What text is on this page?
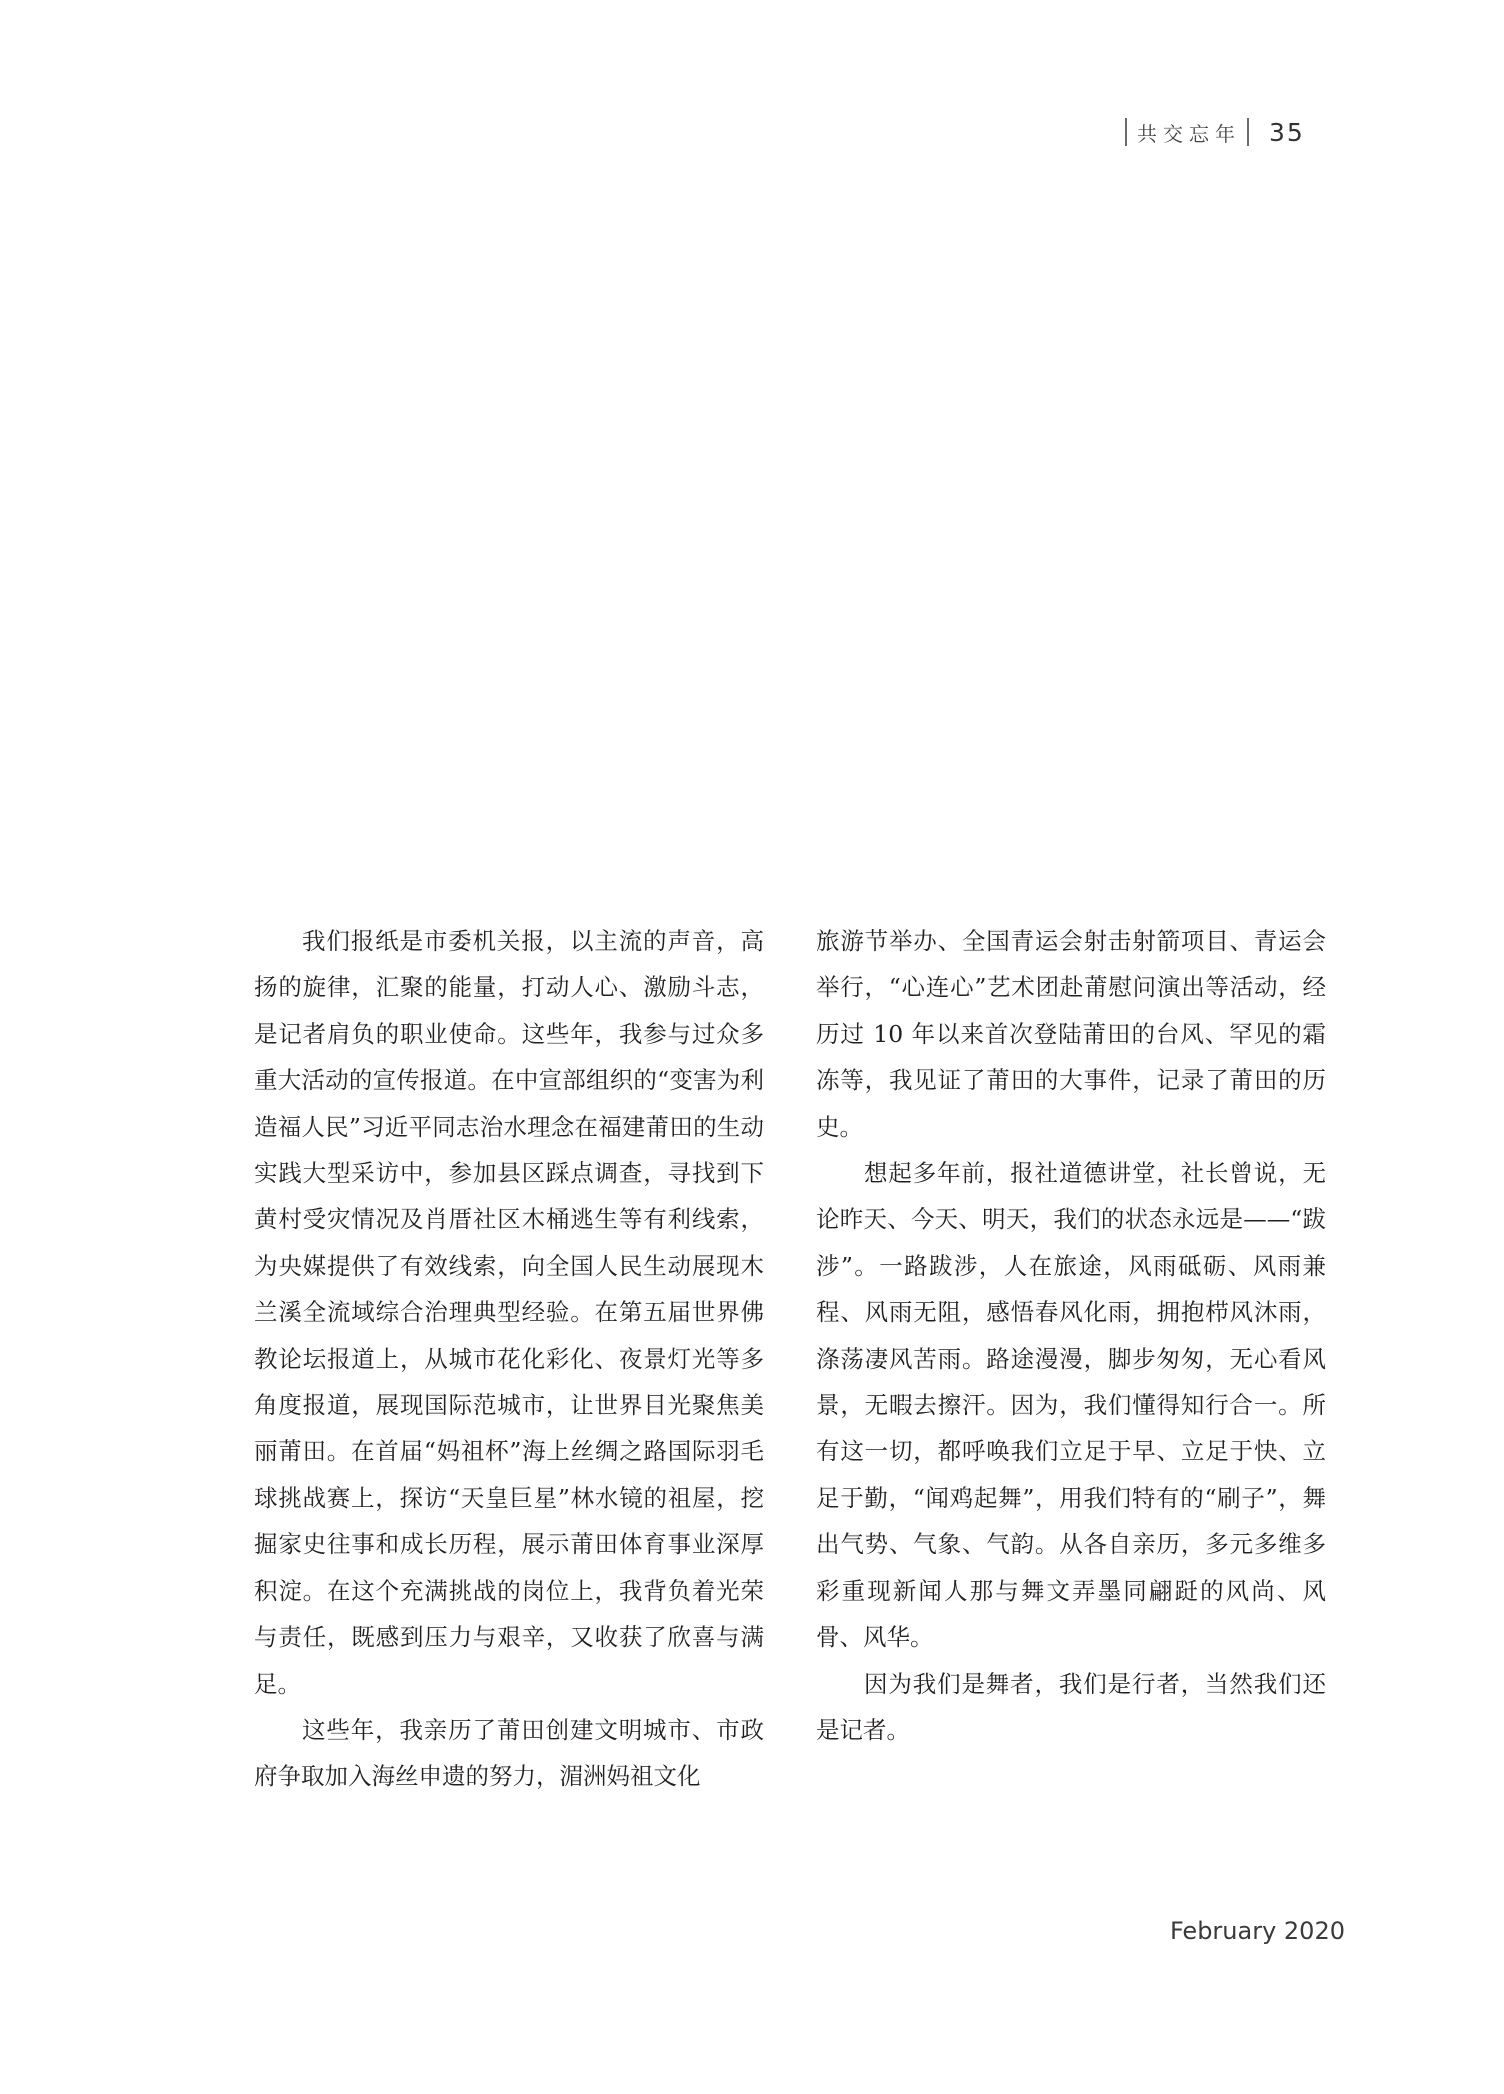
共交忘年 35

我们报纸是市委机关报，以主流的声音，高扬的旋律，汇聚的能量，打动人心、激励斗志，是记者肩负的职业使命。这些年，我参与过众多重大活动的宣传报道。在中宣部组织的“变害为利 造福人民”习近平同志治水理念在福建莆田的生动实践大型采访中，参加县区踩点调查，寻找到下黄村受灾情况及肖厝社区木桶逃生等有利线索，为央媒提供了有效线索，向全国人民生动展现木兰溪全流域综合治理典型经验。在第五届世界佛教论坛报道上，从城市花化彩化、夜景灯光等多角度报道，展现国际范城市，让世界目光聚焦美丽莆田。在首届“妈祖杯”海上丝绸之路国际羽毛球挑战赛上，探访“天皇巨星”林水镜的祖屋，挖掘家史往事和成长历程，展示莆田体育事业深厚积淀。在这个充满挑战的岗位上，我背负着光荣与责任，既感到压力与艰辛，又收获了欣喜与满足。

这些年，我亲历了莆田创建文明城市、市政府争取加入海丝申遗的努力，湄洲妈祖文化

旅游节举办、全国青运会射击射箭项目、青运会举行，“心连心”艺术团赴莆慰问演出等活动，经历过 10 年以来首次登陆莆田的台风、罕见的霜冻等，我见证了莆田的大事件，记录了莆田的历史。

想起多年前，报社道德讲堂，社长曾说，无论昨天、今天、明天，我们的状态永远是——“跋涉”。一路跋涉，人在旅途，风雨砥砺、风雨兼程、风雨无阻，感悟春风化雨，拥抱栉风沐雨，涤荡凄风苦雨。路途漫漫，脚步匆匆，无心看风景，无暇去擦汗。因为，我们懂得知行合一。所有这一切，都呼唤我们立足于早、立足于快、立足于勤，“闻鸡起舞”，用我们特有的“刷子”，舞出气势、气象、气韵。从各自亲历，多元多维多彩重现新闻人那与舞文弄墨同翩跹的风尚、风骨、风华。

因为我们是舞者，我们是行者，当然我们还是记者。

February 2020
